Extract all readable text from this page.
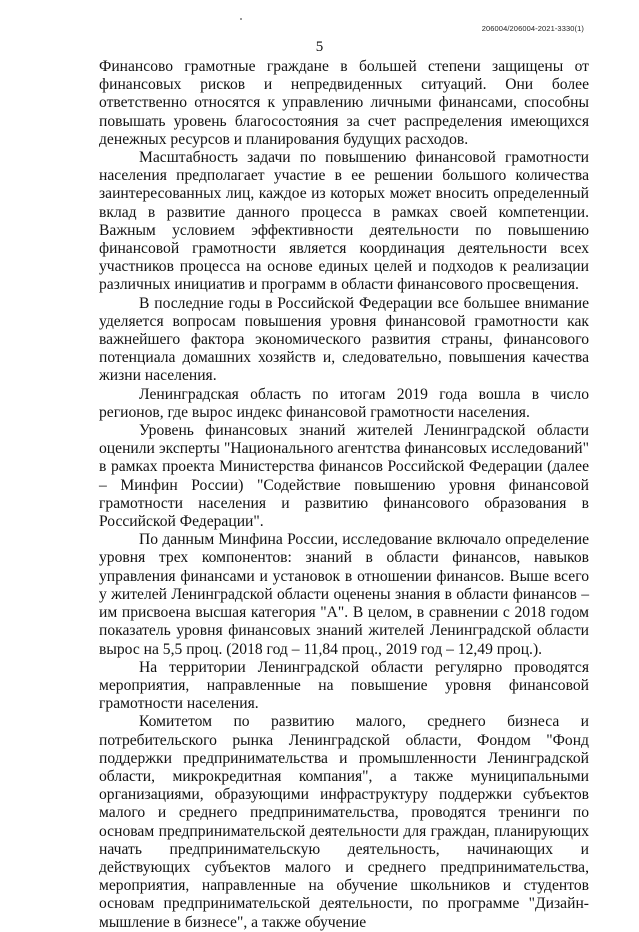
206004/206004-2021-3330(1)
5

Финансово грамотные граждане в большей степени защищены от финансовых рисков и непредвиденных ситуаций. Они более ответственно относятся к управлению личными финансами, способны повышать уровень благосостояния за счет распределения имеющихся денежных ресурсов и планирования будущих расходов.

Масштабность задачи по повышению финансовой грамотности населения предполагает участие в ее решении большого количества заинтересованных лиц, каждое из которых может вносить определенный вклад в развитие данного процесса в рамках своей компетенции. Важным условием эффективности деятельности по повышению финансовой грамотности является координация деятельности всех участников процесса на основе единых целей и подходов к реализации различных инициатив и программ в области финансового просвещения.

В последние годы в Российской Федерации все большее внимание уделяется вопросам повышения уровня финансовой грамотности как важнейшего фактора экономического развития страны, финансового потенциала домашних хозяйств и, следовательно, повышения качества жизни населения.

Ленинградская область по итогам 2019 года вошла в число регионов, где вырос индекс финансовой грамотности населения.

Уровень финансовых знаний жителей Ленинградской области оценили эксперты "Национального агентства финансовых исследований" в рамках проекта Министерства финансов Российской Федерации (далее – Минфин России) "Содействие повышению уровня финансовой грамотности населения и развитию финансового образования в Российской Федерации".

По данным Минфина России, исследование включало определение уровня трех компонентов: знаний в области финансов, навыков управления финансами и установок в отношении финансов. Выше всего у жителей Ленинградской области оценены знания в области финансов – им присвоена высшая категория "А". В целом, в сравнении с 2018 годом показатель уровня финансовых знаний жителей Ленинградской области вырос на 5,5 проц. (2018 год – 11,84 проц., 2019 год – 12,49 проц.).

На территории Ленинградской области регулярно проводятся мероприятия, направленные на повышение уровня финансовой грамотности населения.

Комитетом по развитию малого, среднего бизнеса и потребительского рынка Ленинградской области, Фондом "Фонд поддержки предпринимательства и промышленности Ленинградской области, микрокредитная компания", а также муниципальными организациями, образующими инфраструктуру поддержки субъектов малого и среднего предпринимательства, проводятся тренинги по основам предпринимательской деятельности для граждан, планирующих начать предпринимательскую деятельность, начинающих и действующих субъектов малого и среднего предпринимательства, мероприятия, направленные на обучение школьников и студентов основам предпринимательской деятельности, по программе "Дизайн-мышление в бизнесе", а также обучение
